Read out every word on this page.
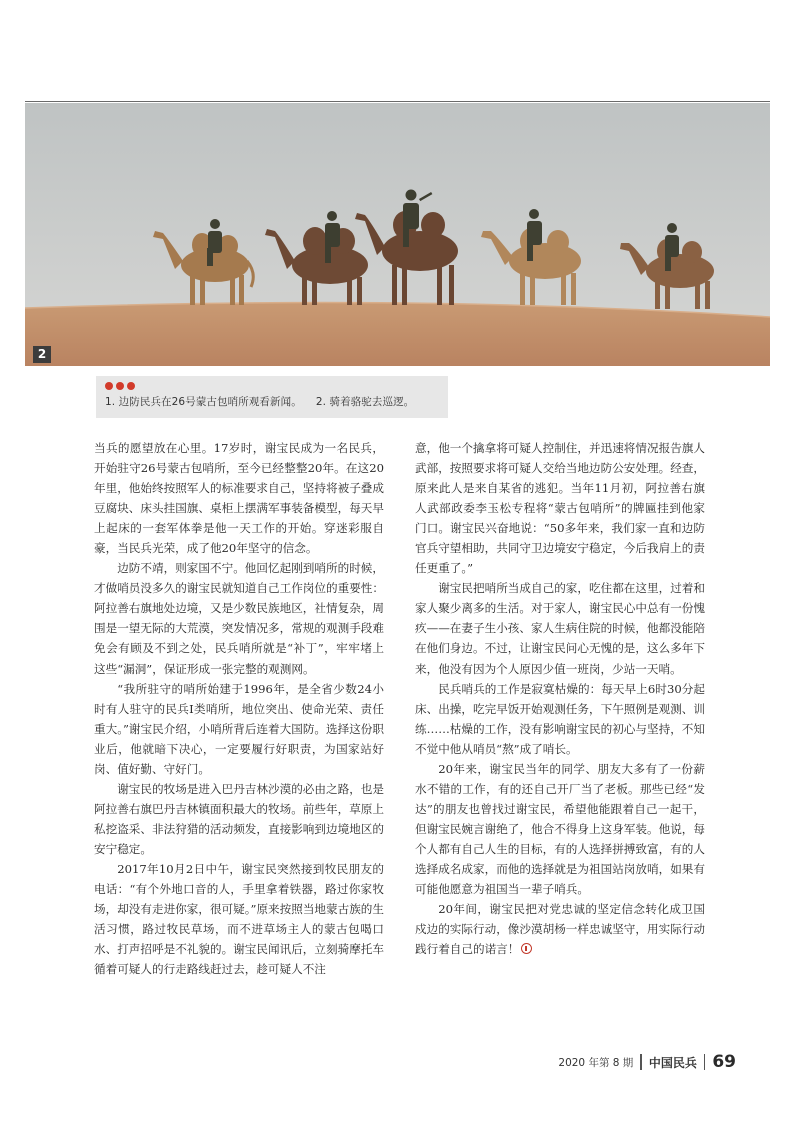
2
1. 边防民兵在26号蒙古包哨所观看新闻。 2. 骑着骆驼去巡逻。

当兵的愿望放在心里。17岁时，谢宝民成为一名民兵，开始驻守26号蒙古包哨所，至今已经整整20年。在这20年里，他始终按照军人的标准要求自己，坚持将被子叠成豆腐块、床头挂国旗、桌柜上摆满军事装备模型，每天早上起床的一套军体拳是他一天工作的开始。穿迷彩服自豪，当民兵光荣，成了他20年坚守的信念。

边防不靖，则家国不宁。他回忆起刚到哨所的时候，才做哨员没多久的谢宝民就知道自己工作岗位的重要性：阿拉善右旗地处边境，又是少数民族地区，社情复杂，周围是一望无际的大荒漠，突发情况多，常规的观测手段难免会有顾及不到之处，民兵哨所就是“补丁”，牢牢堵上这些“漏洞”，保证形成一张完整的观测网。

“我所驻守的哨所始建于1996年，是全省少数24小时有人驻守的民兵Ⅰ类哨所，地位突出、使命光荣、责任重大。”谢宝民介绍，小哨所背后连着大国防。选择这份职业后，他就暗下决心，一定要履行好职责，为国家站好岗、值好勤、守好门。

谢宝民的牧场是进入巴丹吉林沙漠的必由之路，也是阿拉善右旗巴丹吉林镇面积最大的牧场。前些年，草原上私挖盗采、非法狩猎的活动频发，直接影响到边境地区的安宁稳定。

2017年10月2日中午，谢宝民突然接到牧民朋友的电话：“有个外地口音的人，手里拿着铁器，路过你家牧场，却没有走进你家，很可疑。”原来按照当地蒙古族的生活习惯，路过牧民草场，而不进草场主人的蒙古包喝口水、打声招呼是不礼貌的。谢宝民闻讯后，立刻骑摩托车循着可疑人的行走路线赶过去，趁可疑人不注

意，他一个擒拿将可疑人控制住，并迅速将情况报告旗人武部，按照要求将可疑人交给当地边防公安处理。经查，原来此人是来自某省的逃犯。当年11月初，阿拉善右旗人武部政委李玉松专程将“蒙古包哨所”的牌匾挂到他家门口。谢宝民兴奋地说：“50多年来，我们家一直和边防官兵守望相助，共同守卫边境安宁稳定，今后我肩上的责任更重了。”

谢宝民把哨所当成自己的家，吃住都在这里，过着和家人聚少离多的生活。对于家人，谢宝民心中总有一份愧疚——在妻子生小孩、家人生病住院的时候，他都没能陪在他们身边。不过，让谢宝民问心无愧的是，这么多年下来，他没有因为个人原因少值一班岗，少站一天哨。

民兵哨兵的工作是寂寞枯燥的：每天早上6时30分起床、出操，吃完早饭开始观测任务，下午照例是观测、训练……枯燥的工作，没有影响谢宝民的初心与坚持，不知不觉中他从哨员“熬”成了哨长。

20年来，谢宝民当年的同学、朋友大多有了一份薪水不错的工作，有的还自己开厂当了老板。那些已经“发达”的朋友也曾找过谢宝民，希望他能跟着自己一起干，但谢宝民婉言谢绝了，他合不得身上这身军装。他说，每个人都有自己人生的目标，有的人选择拼搏致富，有的人选择成名成家，而他的选择就是为祖国站岗放哨，如果有可能他愿意为祖国当一辈子哨兵。

20年间，谢宝民把对党忠诚的坚定信念转化成卫国戍边的实际行动，像沙漠胡杨一样忠诚坚守，用实际行动践行着自己的诺言！

2020 年第 8 期 中国民兵 69
